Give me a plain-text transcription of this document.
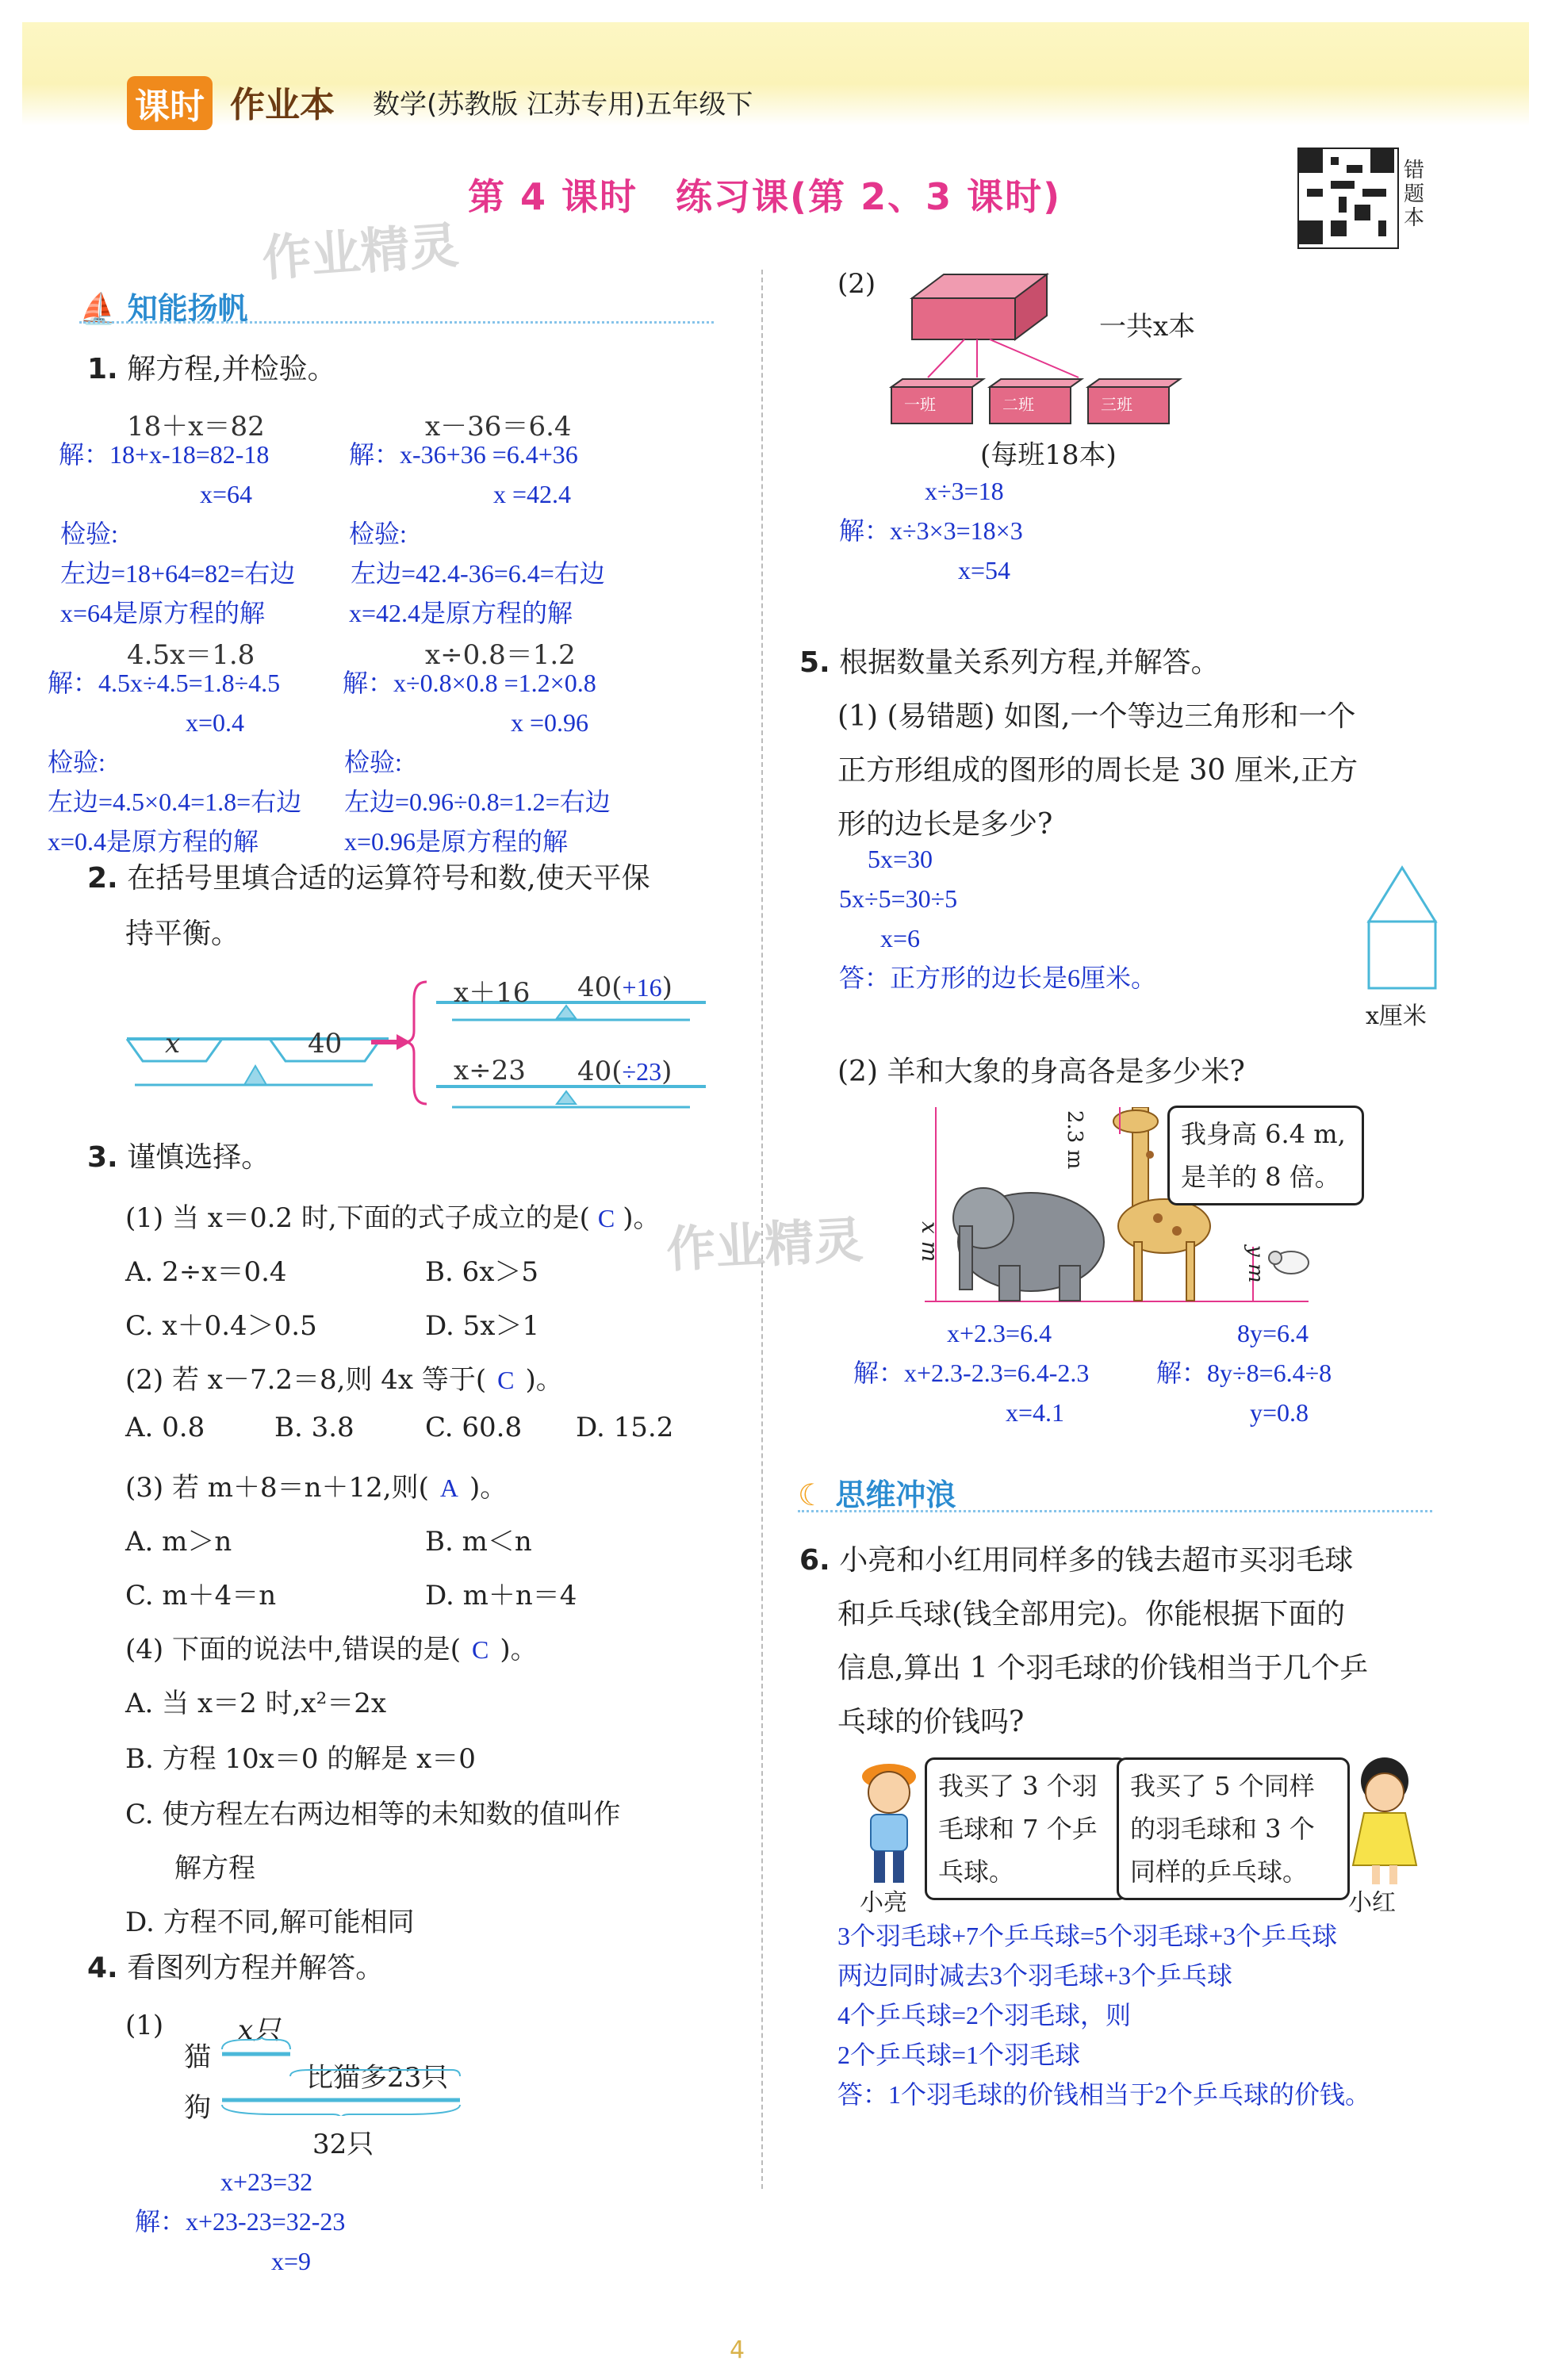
课时 作业本 数学(苏教版 江苏专用)五年级下
第 4 课时　练习课(第 2、3 课时)
作业精灵
作业精灵
错题本
⛵ 知能扬帆
1. 解方程,并检验。
18＋x＝82	x－36＝6.4
解：18+x-18=82-18	解：x-36+36 =6.4+36
x=64	x =42.4
检验:	检验:
左边=18+64=82=右边 左边=42.4-36=6.4=右边
x=64是原方程的解	x=42.4是原方程的解
4.5x＝1.8	x÷0.8＝1.2
解：4.5x÷4.5=1.8÷4.5 解：x÷0.8×0.8 =1.2×0.8
x=0.4	x =0.96
检验:	检验:
左边=4.5×0.4=1.8=右边 左边=0.96÷0.8=1.2=右边
x=0.4是原方程的解	x=0.96是原方程的解
2. 在括号里填合适的运算符号和数,使天平保
持平衡。
x	40
x＋16 40(+16)
x÷23 40(÷23)
3. 谨慎选择。
(1) 当 x＝0.2 时,下面的式子成立的是( C )。
A. 2÷x＝0.4	B. 6x＞5
C. x＋0.4＞0.5	D. 5x＞1
(2) 若 x－7.2＝8,则 4x 等于( C )。
A. 0.8	B. 3.8	C. 60.8 D. 15.2
(3) 若 m＋8＝n＋12,则( A )。
A. m＞n	B. m＜n
C. m＋4＝n	D. m＋n＝4
(4) 下面的说法中,错误的是( C )。
A. 当 x＝2 时,x²＝2x
B. 方程 10x＝0 的解是 x＝0
C. 使方程左右两边相等的未知数的值叫作
解方程
D. 方程不同,解可能相同
4. 看图列方程并解答。
(1)
猫
狗
x只
比猫多23只
32只
x+23=32
解：x+23-23=32-23
x=9
(2)
一共x本
一班	二班	三班
(每班18本)
x÷3=18
解：x÷3×3=18×3
x=54
5. 根据数量关系列方程,并解答。
(1) (易错题) 如图,一个等边三角形和一个
正方形组成的图形的周长是 30 厘米,正方
形的边长是多少?
5x=30
5x÷5=30÷5
x=6
答：正方形的边长是6厘米。
x厘米
(2) 羊和大象的身高各是多少米?
2.3 m
x m
y m
我身高 6.4 m,
是羊的 8 倍。
x+2.3=6.4
解：x+2.3-2.3=6.4-2.3
x=4.1
8y=6.4
解：8y÷8=6.4÷8
y=0.8
☾ 思维冲浪
6. 小亮和小红用同样多的钱去超市买羽毛球
和乒乓球(钱全部用完)。你能根据下面的
信息,算出 1 个羽毛球的价钱相当于几个乒
乓球的价钱吗?
我买了 3 个羽
毛球和 7 个乒
乓球。
我买了 5 个同样
的羽毛球和 3 个
同样的乒乓球。
小亮	小红
3个羽毛球+7个乒乓球=5个羽毛球+3个乒乓球
两边同时减去3个羽毛球+3个乒乓球
4个乒乓球=2个羽毛球，则
2个乒乓球=1个羽毛球
答：1个羽毛球的价钱相当于2个乒乓球的价钱。
4
